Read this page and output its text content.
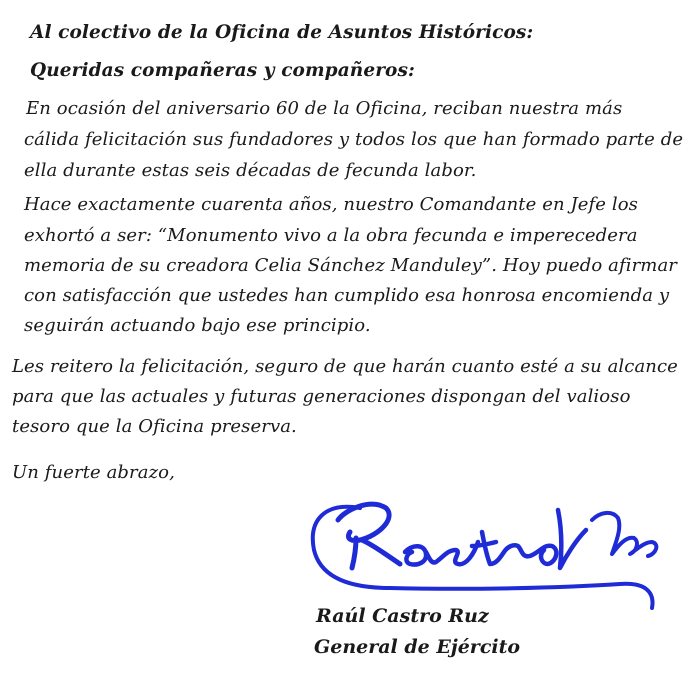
Al colectivo de la Oficina de Asuntos Históricos:
Queridas compañeras y compañeros:
En ocasión del aniversario 60 de la Oficina, reciban nuestra más
cálida felicitación sus fundadores y todos los que han formado parte de
ella durante estas seis décadas de fecunda labor.
Hace exactamente cuarenta años, nuestro Comandante en Jefe los
exhortó a ser: “Monumento vivo a la obra fecunda e imperecedera
memoria de su creadora Celia Sánchez Manduley”. Hoy puedo afirmar
con satisfacción que ustedes han cumplido esa honrosa encomienda y
seguirán actuando bajo ese principio.
Les reitero la felicitación, seguro de que harán cuanto esté a su alcance
para que las actuales y futuras generaciones dispongan del valioso
tesoro que la Oficina preserva.
Un fuerte abrazo,
Raúl Castro Ruz
General de Ejército
